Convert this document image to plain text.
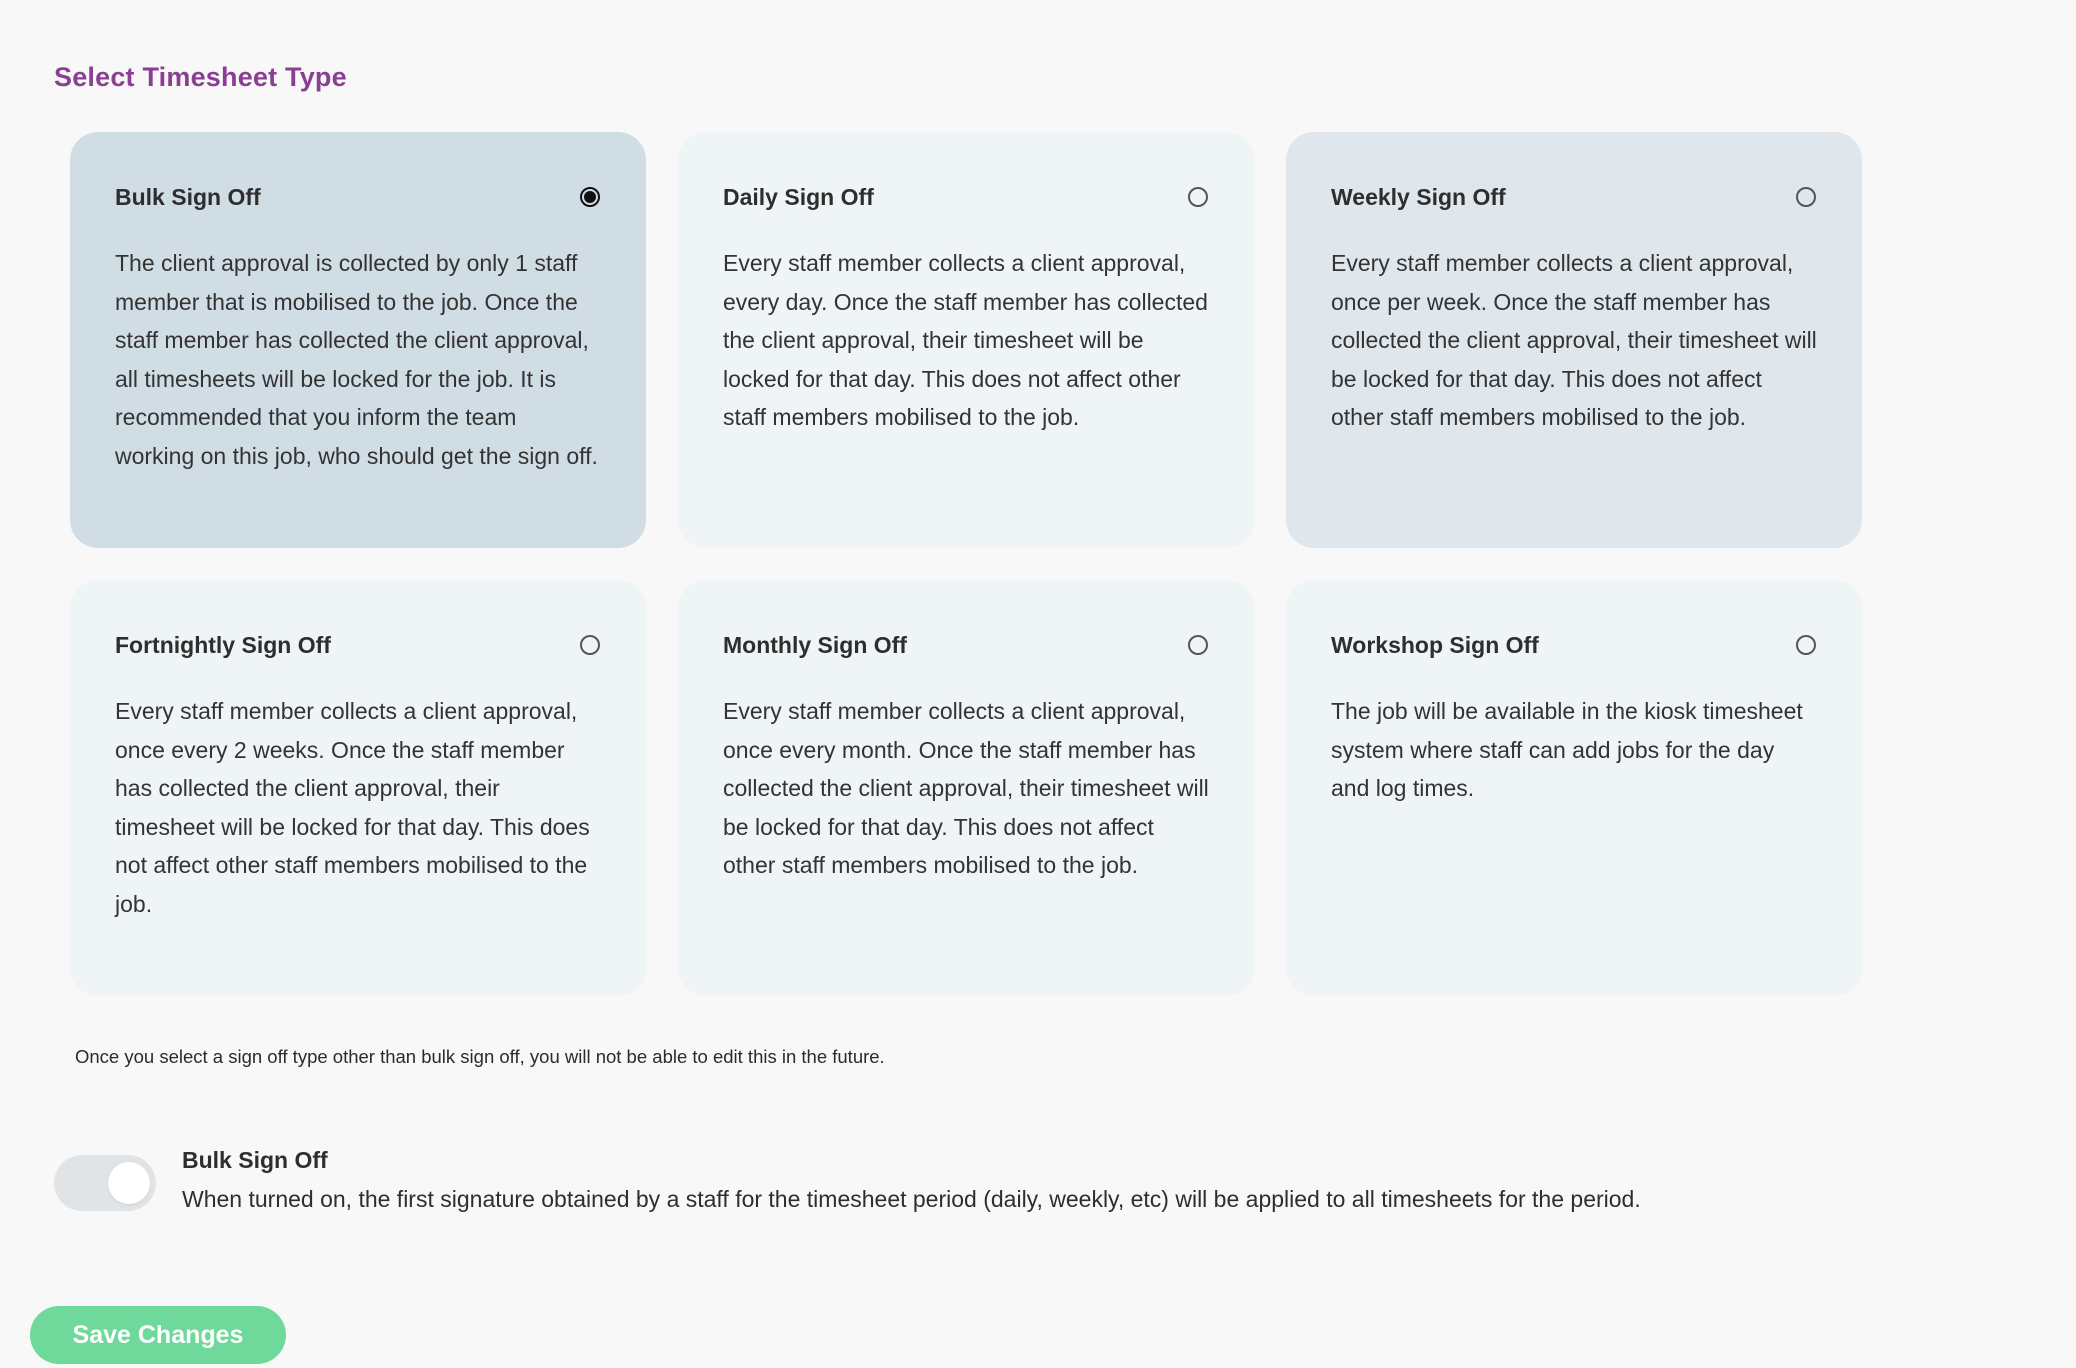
Select Timesheet Type
Bulk Sign Off
The client approval is collected by only 1 staff member that is mobilised to the job. Once the staff member has collected the client approval, all timesheets will be locked for the job. It is recommended that you inform the team working on this job, who should get the sign off.
Daily Sign Off
Every staff member collects a client approval, every day. Once the staff member has collected the client approval, their timesheet will be locked for that day. This does not affect other staff members mobilised to the job.
Weekly Sign Off
Every staff member collects a client approval, once per week. Once the staff member has collected the client approval, their timesheet will be locked for that day. This does not affect other staff members mobilised to the job.
Fortnightly Sign Off
Every staff member collects a client approval, once every 2 weeks. Once the staff member has collected the client approval, their timesheet will be locked for that day. This does not affect other staff members mobilised to the job.
Monthly Sign Off
Every staff member collects a client approval, once every month. Once the staff member has collected the client approval, their timesheet will be locked for that day. This does not affect other staff members mobilised to the job.
Workshop Sign Off
The job will be available in the kiosk timesheet system where staff can add jobs for the day and log times.
Once you select a sign off type other than bulk sign off, you will not be able to edit this in the future.
Bulk Sign Off
When turned on, the first signature obtained by a staff for the timesheet period (daily, weekly, etc) will be applied to all timesheets for the period.
Save Changes
